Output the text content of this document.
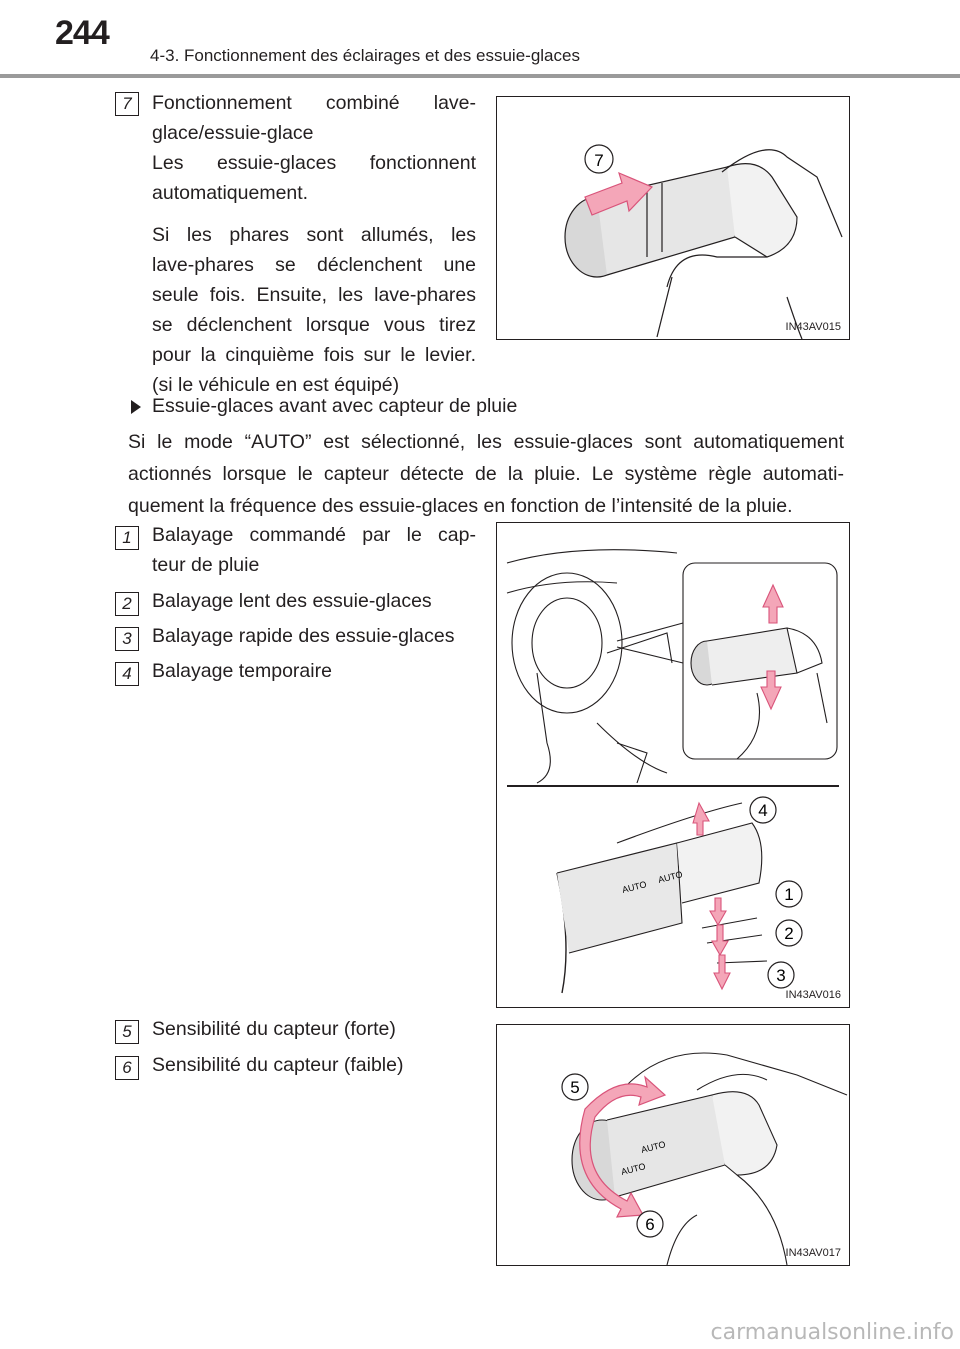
244
4-3. Fonctionnement des éclairages et des essuie-glaces
7	Fonctionnement combiné lave-
glace/essuie-glace
Les essuie-glaces fonctionnent
automatiquement.
Si les phares sont allumés, les
lave-phares se déclenchent une
seule fois. Ensuite, les lave-phares
se déclenchent lorsque vous tirez
pour la cinquième fois sur le levier.
(si le véhicule en est équipé)
7
IN43AV015
Essuie-glaces avant avec capteur de pluie
Si le mode “AUTO” est sélectionné, les essuie-glaces sont automatiquement
actionnés lorsque le capteur détecte de la pluie. Le système règle automati-
quement la fréquence des essuie-glaces en fonction de l’intensité de la pluie.
1	Balayage commandé par le cap-
teur de pluie
2	Balayage lent des essuie-glaces
3	Balayage rapide des essuie-glaces
4	Balayage temporaire
AUTO
AUTO
4
1
2
3
IN43AV016
5	Sensibilité du capteur (forte)
6	Sensibilité du capteur (faible)
AUTO
AUTO
5
6
IN43AV017
carmanualsonline.info
